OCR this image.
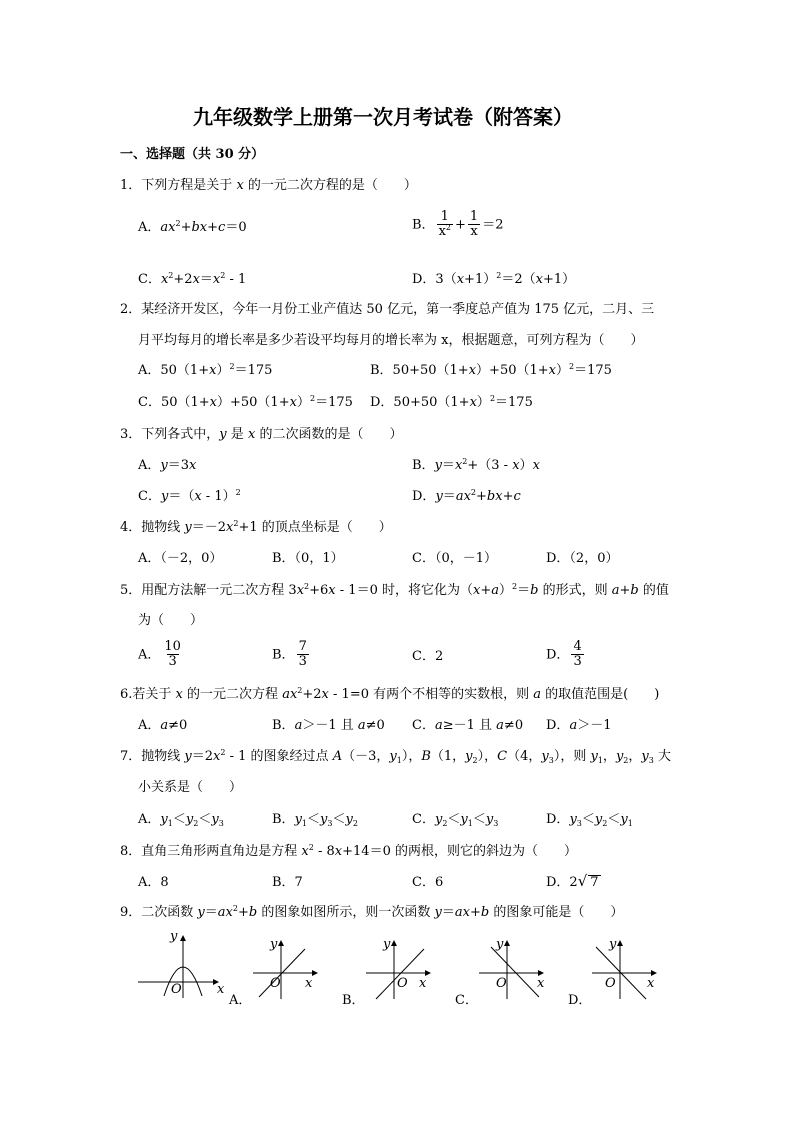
九年级数学上册第一次月考试卷（附答案）
一、选择题（共 30 分）
1．下列方程是关于 x 的一元二次方程的是（　　）
A．$ax^2+bx+c=0$	B． $\frac{1}{x^2} + \frac{1}{x} =2$
C．$x^2+2x=x^2 - 1$	D．$3(x+1)^2=2(x+1)$
2．某经济开发区，今年一月份工业产值达 50 亿元，第一季度总产值为 175 亿元，二月、三
月平均每月的增长率是多少若设平均每月的增长率为 x，根据题意，可列方程为（　　）
A．$50(1+x)^2=175$	B．$50+50(1+x)+50(1+x)^2=175$
C．$50(1+x)+50(1+x)^2=175$ D．$50+50(1+x)^2=175$
3．下列各式中，y 是 x 的二次函数的是（　　）
A．y＝3x	B．$y=x^2+(3 - x)x$
C．y＝（x - 1）$^2$	D．$y=ax^2+bx+c$
4．抛物线 $y=-2x^2+1$ 的顶点坐标是（　　）
A．（－2，0）	B．（0，1）	C．（0，－1）	D．（2，0）
5．用配方法解一元二次方程 $3x^2+6x - 1=0$ 时，将它化为$(x+a)^2=b$ 的形式，则 a+b 的值
为（　　）
A． $\frac{10}{3}$	B． $\frac{7}{3}$	C．2	D． $\frac{4}{3}$
6.若关于 x 的一元二次方程 $ax^2+2x - 1=0$ 有两个不相等的实数根，则 a 的取值范围是(　　)
A．a≠0	B．a＞－1 且 a≠0 C．a≥－1 且 a≠0 D．a＞－1
7．抛物线 $y=2x^2 - 1$ 的图象经过点 A（－3，$y_1$），B（1，$y_2$），C（4，$y_3$），则 $y_1$，$y_2$，$y_3$ 大
小关系是（　　）
A．$y_1<y_2<y_3$	B．$y_1<y_3<y_2$	C．$y_2<y_1<y_3$	D．$y_3<y_2<y_1$
8．直角三角形两直角边是方程 $x^2 - 8x+14=0$ 的两根，则它的斜边为（　　）
A．8	B．7	C．6	D．2√ 7
9．二次函数 $y=ax^2+b$ 的图象如图所示，则一次函数 y＝ax+b 的图象可能是（　　）
y
O	x
y
O x
A．
y
O x
B．
y
O x
C．
y
O x
D．
